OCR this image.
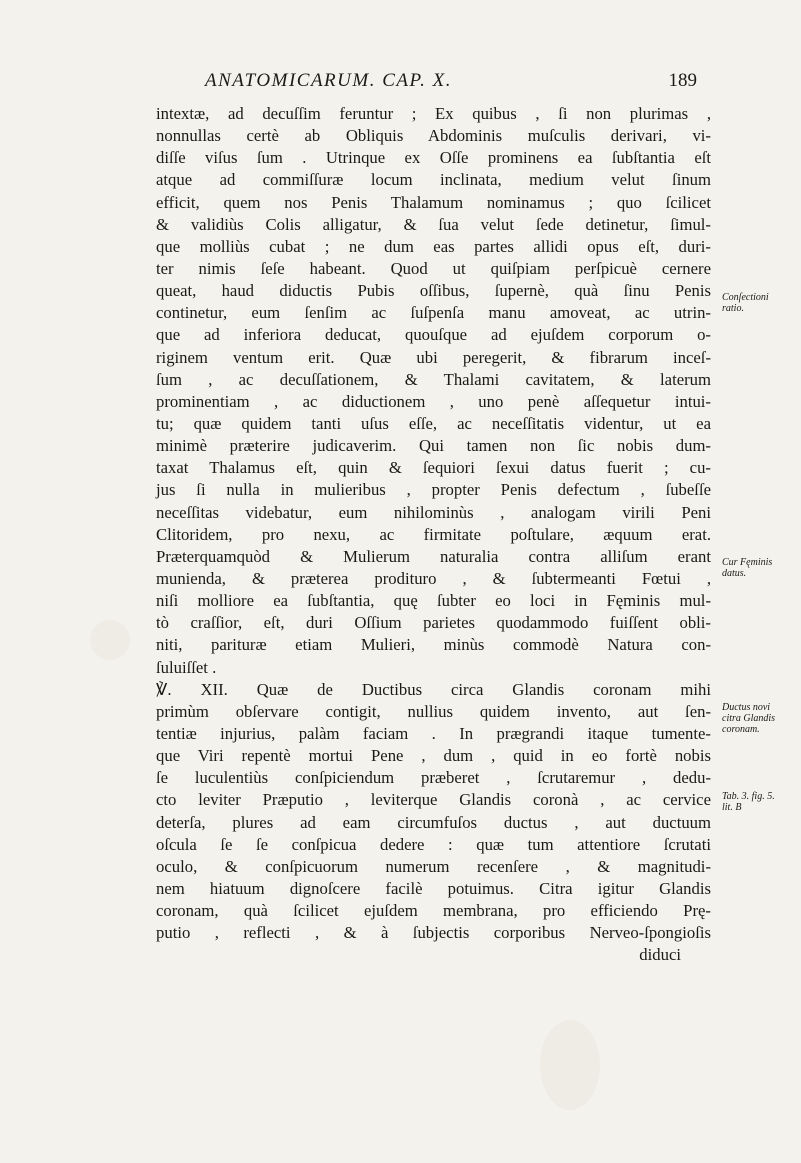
ANATOMICARUM. CAP. X.	189
intextæ, ad decuſſim feruntur ; Ex quibus , ſi non plurimas ,
nonnullas certè ab Obliquis Abdominis muſculis derivari, vi-
diſſe viſus ſum . Utrinque ex Oſſe prominens ea ſubſtantia eſt
atque ad commiſſuræ locum inclinata, medium velut ſinum
efficit, quem nos Penis Thalamum nominamus ; quo ſcilicet
& validiùs Colis alligatur, & ſua velut ſede detinetur, ſimul-
que molliùs cubat ; ne dum eas partes allidi opus eſt, duri-
ter nimis ſeſe habeant. Quod ut quiſpiam perſpicuè cernere
queat, haud diductis Pubis oſſibus, ſupernè, quà ſinu Penis
continetur, eum ſenſim ac ſuſpenſa manu amoveat, ac utrin-
que ad inferiora deducat, quouſque ad ejuſdem corporum o-
riginem ventum erit. Quæ ubi peregerit, & fibrarum inceſ-
ſum , ac decuſſationem, & Thalami cavitatem, & laterum
prominentiam , ac diductionem , uno penè aſſequetur intui-
tu; quæ quidem tanti uſus eſſe, ac neceſſitatis videntur, ut ea
minimè præterire judicaverim. Qui tamen non ſic nobis dum-
taxat Thalamus eſt, quin & ſequiori ſexui datus fuerit ; cu-
jus ſi nulla in mulieribus , propter Penis defectum , ſubeſſe
neceſſitas videbatur, eum nihilominùs , analogam virili Peni
Clitoridem, pro nexu, ac firmitate poſtulare, æquum erat.
Præterquamquòd & Mulierum naturalia contra alliſum erant
munienda, & præterea proditurο , & ſubtermeanti Fœtui ,
niſi molliore ea ſubſtantia, quę ſubter eo loci in Fęminis mul-
tò craſſior, eſt, duri Oſſium parietes quodammodo fuiſſent obli-
niti, parituræ etiam Mulieri, minùs commodè Natura con-
ſuluiſſet .
℣. XII. Quæ de Ductibus circa Glandis coronam mihi
primùm obſervare contigit, nullius quidem inventο, aut ſen-
tentiæ injurius, palàm faciam . In prægrandi itaque tumente-
que Viri repentè mortui Pene , dum , quid in eo fortè nobis
ſe luculentiùs conſpiciendum præberet , ſcrutaremur , dedu-
cto leviter Præputio , leviterque Glandis coronà , ac cervice
deterſa, plures ad eam circumfuſos ductus , aut ductuum
oſcula ſe ſe conſpicua dedere : quæ tum attentiore ſcrutati
oculo, & conſpicuorum numerum recenſere , & magnitudi-
nem hiatuum dignoſcere facilè potuimus. Citra igitur Glandis
coronam, quà ſcilicet ejuſdem membrana, pro efficiendo Prę-
putio , reflecti , & à ſubjectis corporibus Nerveo-ſpongioſis
diduci
Conſectioni
ratio.
Cur Fęminis
datus.
Ductus novi
citra Glandis
coronam.
Tab. 3. fig. 5.
lit. B
